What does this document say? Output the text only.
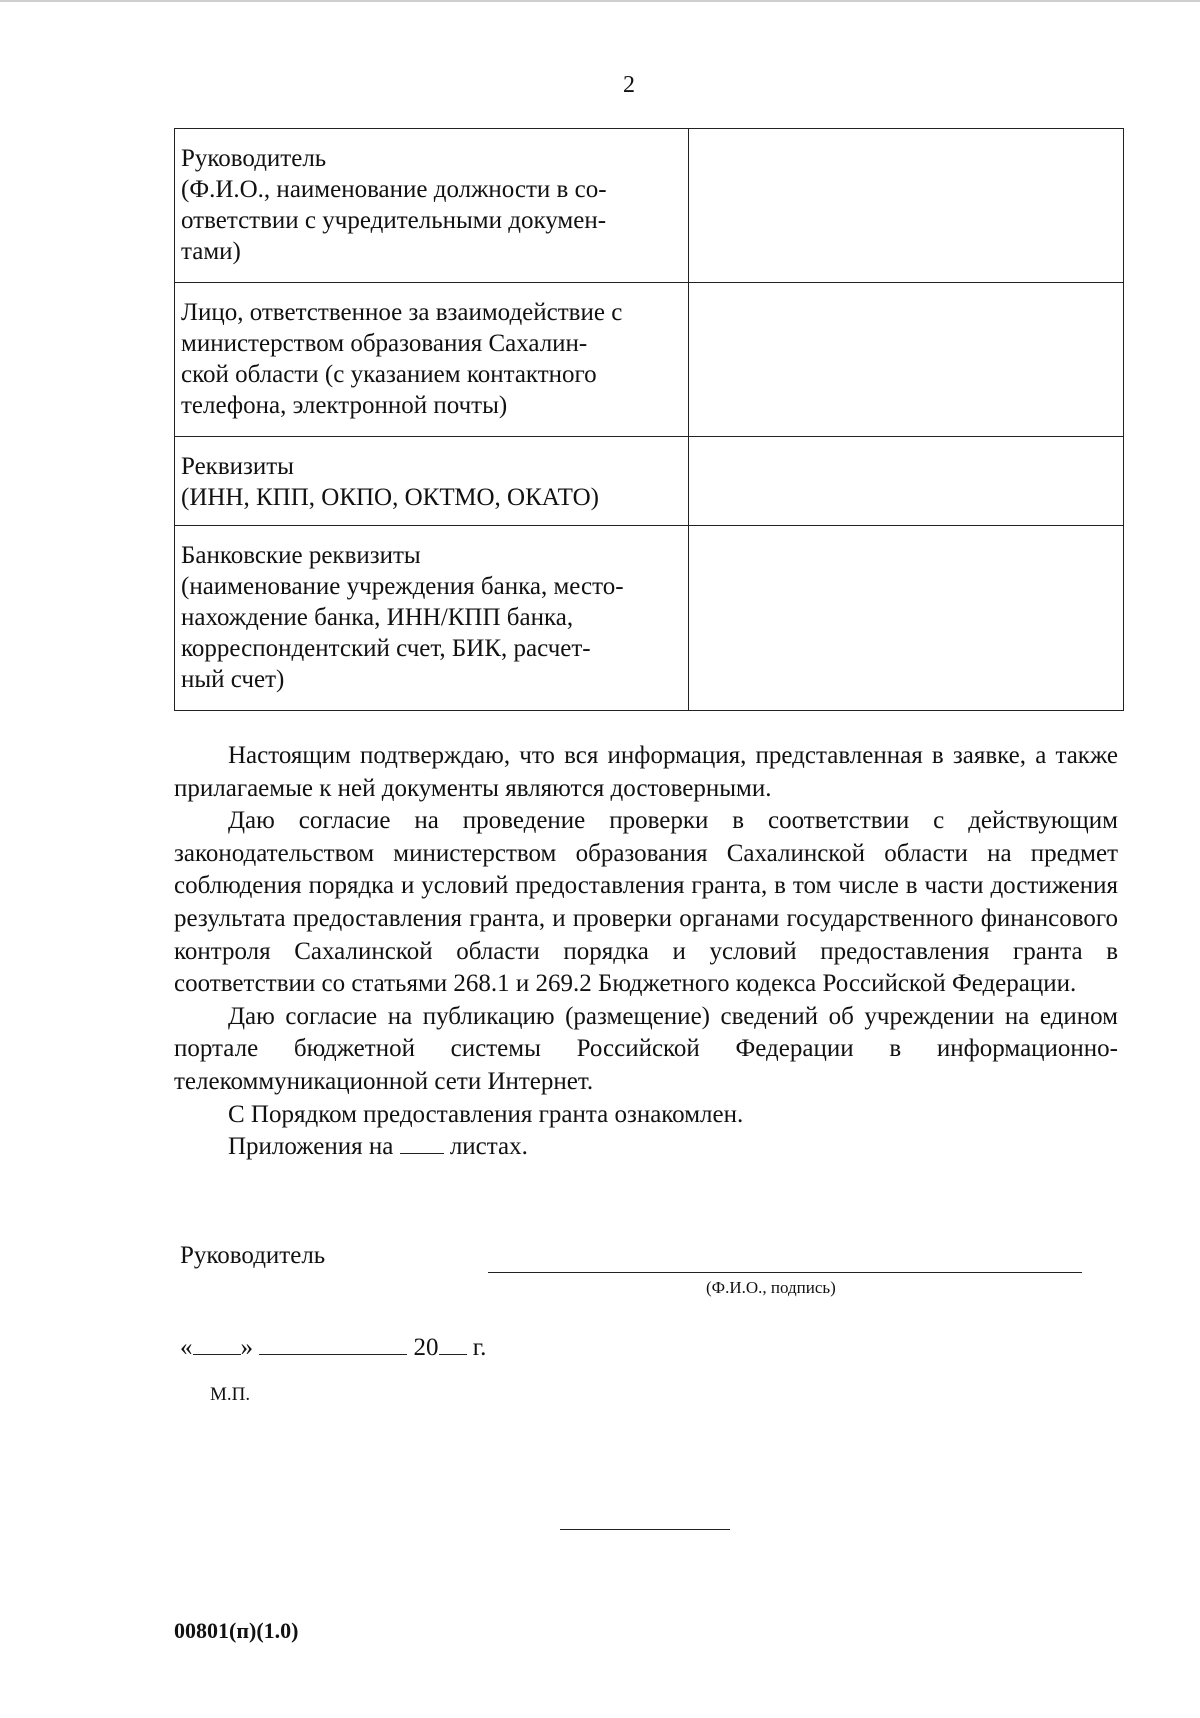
2
Руководитель
(Ф.И.О., наименование должности в со-
ответствии с учредительными докумен-
тами)	

Лицо, ответственное за взаимодействие с
министерством образования Сахалин-
ской области (с указанием контактного
телефона, электронной почты)	

Реквизиты
(ИНН, КПП, ОКПО, ОКТМО, ОКАТО)	

Банковские реквизиты
(наименование учреждения банка, место-
нахождение банка, ИНН/КПП банка,
корреспондентский счет, БИК, расчет-
ный счет)	

Настоящим подтверждаю, что вся информация, представленная в заявке, а также прилагаемые к ней документы являются достоверными.

Даю согласие на проведение проверки в соответствии с действующим законодательством министерством образования Сахалинской области на предмет соблюдения порядка и условий предоставления гранта, в том числе в части достижения результата предоставления гранта, и проверки органами государственного финансового контроля Сахалинской области порядка и условий предоставления гранта в соответствии со статьями 268.1 и 269.2 Бюджетного кодекса Российской Федерации.

Даю согласие на публикацию (размещение) сведений об учреждении на едином портале бюджетной системы Российской Федерации в информационно-телекоммуникационной сети Интернет.

С Порядком предоставления гранта ознакомлен.

Приложения на листах.

Руководитель
(Ф.И.О., подпись)
« »	20 г.
М.П.
00801(п)(1.0)
